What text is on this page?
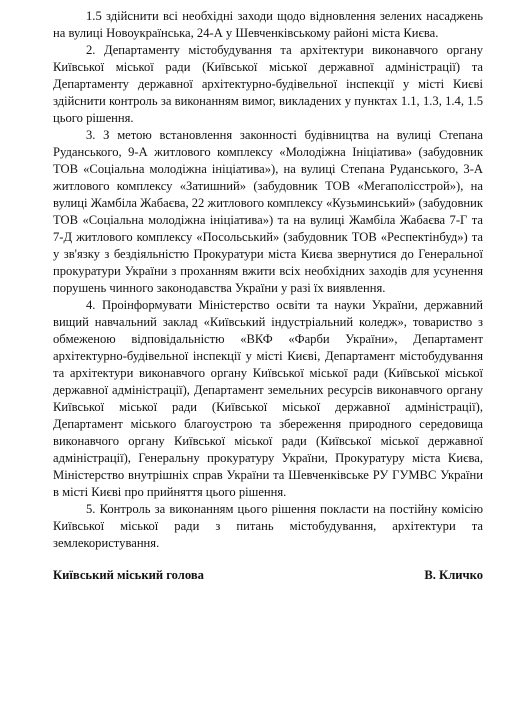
1.5 здійснити всі необхідні заходи щодо відновлення зелених насаджень на вулиці Новоукраїнська, 24-А у Шевченківському районі міста Києва.

2. Департаменту містобудування та архітектури виконавчого органу Київської міської ради (Київської міської державної адміністрації) та Департаменту державної архітектурно-будівельної інспекції у місті Києві здійснити контроль за виконанням вимог, викладених у пунктах 1.1, 1.3, 1.4, 1.5 цього рішення.

3. З метою встановлення законності будівництва на вулиці Степана Руданського, 9-А житлового комплексу «Молодіжна Ініціатива» (забудовник ТОВ «Соціальна молодіжна ініціатива»), на вулиці Степана Руданського, 3-А житлового комплексу «Затишний» (забудовник ТОВ «Мегаполісстрой»), на вулиці Жамбіла Жабаєва, 22 житлового комплексу «Кузьминський» (забудовник ТОВ «Соціальна молодіжна ініціатива») та на вулиці Жамбіла Жабаєва 7-Г та 7-Д житлового комплексу «Посольський» (забудовник ТОВ «Респектінбуд») та у зв'язку з бездіяльністю Прокуратури міста Києва звернутися до Генеральної прокуратури України з проханням вжити всіх необхідних заходів для усунення порушень чинного законодавства України у разі їх виявлення.

4. Проінформувати Міністерство освіти та науки України, державний вищий навчальний заклад «Київський індустріальний коледж», товариство з обмеженою відповідальністю «ВКФ «Фарби України», Департамент архітектурно-будівельної інспекції у місті Києві, Департамент містобудування та архітектури виконавчого органу Київської міської ради (Київської міської державної адміністрації), Департамент земельних ресурсів виконавчого органу Київської міської ради (Київської міської державної адміністрації), Департамент міського благоустрою та збереження природного середовища виконавчого органу Київської міської ради (Київської міської державної адміністрації), Генеральну прокуратуру України, Прокуратуру міста Києва, Міністерство внутрішніх справ України та Шевченківське РУ ГУМВС України в місті Києві про прийняття цього рішення.

5. Контроль за виконанням цього рішення покласти на постійну комісію Київської міської ради з питань містобудування, архітектури та землекористування.

Київський міський голова	В. Кличко
